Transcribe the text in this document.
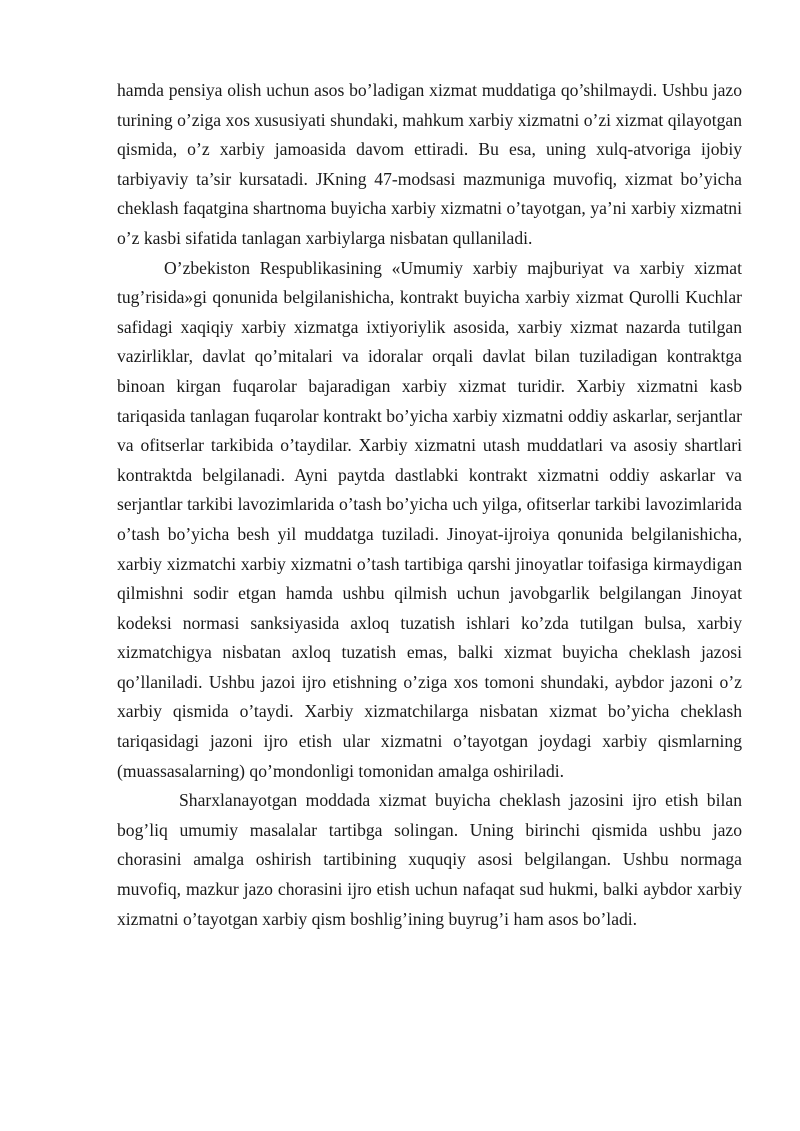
hamda pensiya olish uchun asos bo’ladigan xizmat muddatiga qo’shilmaydi. Ushbu jazo turining o’ziga xos xususiyati shundaki, mahkum xarbiy xizmatni o’zi xizmat qilayotgan qismida, o’z xarbiy jamoasida davom ettiradi. Bu esa, uning xulq-atvoriga ijobiy tarbiyaviy ta’sir kursatadi. JKning 47-modsasi mazmuniga muvofiq, xizmat bo’yicha cheklash faqatgina shartnoma buyicha xarbiy xizmatni o’tayotgan, ya’ni xarbiy xizmatni o’z kasbi sifatida tanlagan xarbiylarga nisbatan qullaniladi.

O’zbekiston Respublikasining «Umumiy xarbiy majburiyat va xarbiy xizmat tug’risida»gi qonunida belgilanishicha, kontrakt buyicha xarbiy xizmat Qurolli Kuchlar safidagi xaqiqiy xarbiy xizmatga ixtiyoriylik asosida, xarbiy xizmat nazarda tutilgan vazirliklar, davlat qo’mitalari va idoralar orqali davlat bilan tuziladigan kontraktga binoan kirgan fuqarolar bajaradigan xarbiy xizmat turidir. Xarbiy xizmatni kasb tariqasida tanlagan fuqarolar kontrakt bo’yicha xarbiy xizmatni oddiy askarlar, serjantlar va ofitserlar tarkibida o’taydilar. Xarbiy xizmatni utash muddatlari va asosiy shartlari kontraktda belgilanadi. Ayni paytda dastlabki kontrakt xizmatni oddiy askarlar va serjantlar tarkibi lavozimlarida o’tash bo’yicha uch yilga, ofitserlar tarkibi lavozimlarida o’tash bo’yicha besh yil muddatga tuziladi. Jinoyat-ijroiya qonunida belgilanishicha, xarbiy xizmatchi xarbiy xizmatni o’tash tartibiga qarshi jinoyatlar toifasiga kirmaydigan qilmishni sodir etgan hamda ushbu qilmish uchun javobgarlik belgilangan Jinoyat kodeksi normasi sanksiyasida axloq tuzatish ishlari ko’zda tutilgan bulsa, xarbiy xizmatchigya nisbatan axloq tuzatish emas, balki xizmat buyicha cheklash jazosi qo’llaniladi. Ushbu jazoi ijro etishning o’ziga xos tomoni shundaki, aybdor jazoni o’z xarbiy qismida o’taydi. Xarbiy xizmatchilarga nisbatan xizmat bo’yicha cheklash tariqasidagi jazoni ijro etish ular xizmatni o’tayotgan joydagi xarbiy qismlarning (muassasalarning) qo’mondonligi tomonidan amalga oshiriladi.

Sharxlanayotgan moddada xizmat buyicha cheklash jazosini ijro etish bilan bog’liq umumiy masalalar tartibga solingan. Uning birinchi qismida ushbu jazo chorasini amalga oshirish tartibining xuquqiy asosi belgilangan. Ushbu normaga muvofiq, mazkur jazo chorasini ijro etish uchun nafaqat sud hukmi, balki aybdor xarbiy xizmatni o’tayotgan xarbiy qism boshlig’ining buyrug’i ham asos bo’ladi.
